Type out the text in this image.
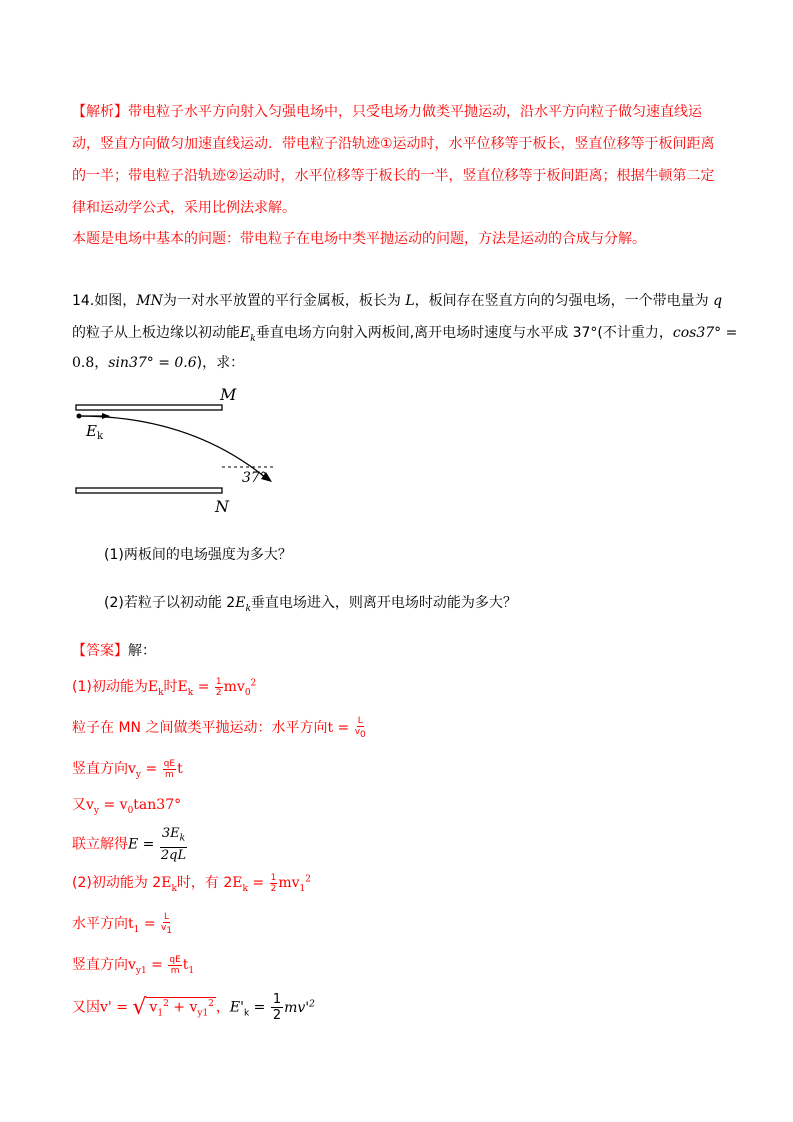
【解析】带电粒子水平方向射入匀强电场中，只受电场力做类平抛运动，沿水平方向粒子做匀速直线运动，竖直方向做匀加速直线运动．带电粒子沿轨迹①运动时，水平位移等于板长，竖直位移等于板间距离的一半；带电粒子沿轨迹②运动时，水平位移等于板长的一半，竖直位移等于板间距离；根据牛顿第二定律和运动学公式，采用比例法求解。

本题是电场中基本的问题：带电粒子在电场中类平抛运动的问题，方法是运动的合成与分解。

14.如图，MN为一对水平放置的平行金属板，板长为 L，板间存在竖直方向的匀强电场，一个带电量为 q

的粒子从上板边缘以初动能$E_k$垂直电场方向射入两板间,离开电场时速度与水平成 37°(不计重力，cos37° =

0.8，sin37° = 0.6)，求：

M
N
$E_k$
37°

(1)两板间的电场强度为多大？

(2)若粒子以初动能 $2E_k$垂直电场进入，则离开电场时动能为多大？

【答案】解：

(1)初动能为$E_k$时$E_k = \frac{1}{2} mv_0^2$

粒子在 MN 之间做类平抛运动：水平方向$t = \frac{L}{v_0}$

竖直方向$v_y = \frac{qE}{m}$ t

又$v_y = v_0\tan 37^\circ$

联立解得$E = \frac{3E_k}{2qL}$

(2)初动能为 $2E_k$时，有 $2E_k = \frac{1}{2} mv_1^2$

水平方向$t_1 = \frac{L}{v_1}$

竖直方向$v_{y1} = \frac{qE}{m} t_1$

又因v' = √ $v_1^2 + v_{y1}^2$ ，$E'_k = \frac{1}{2} mv'^2$
